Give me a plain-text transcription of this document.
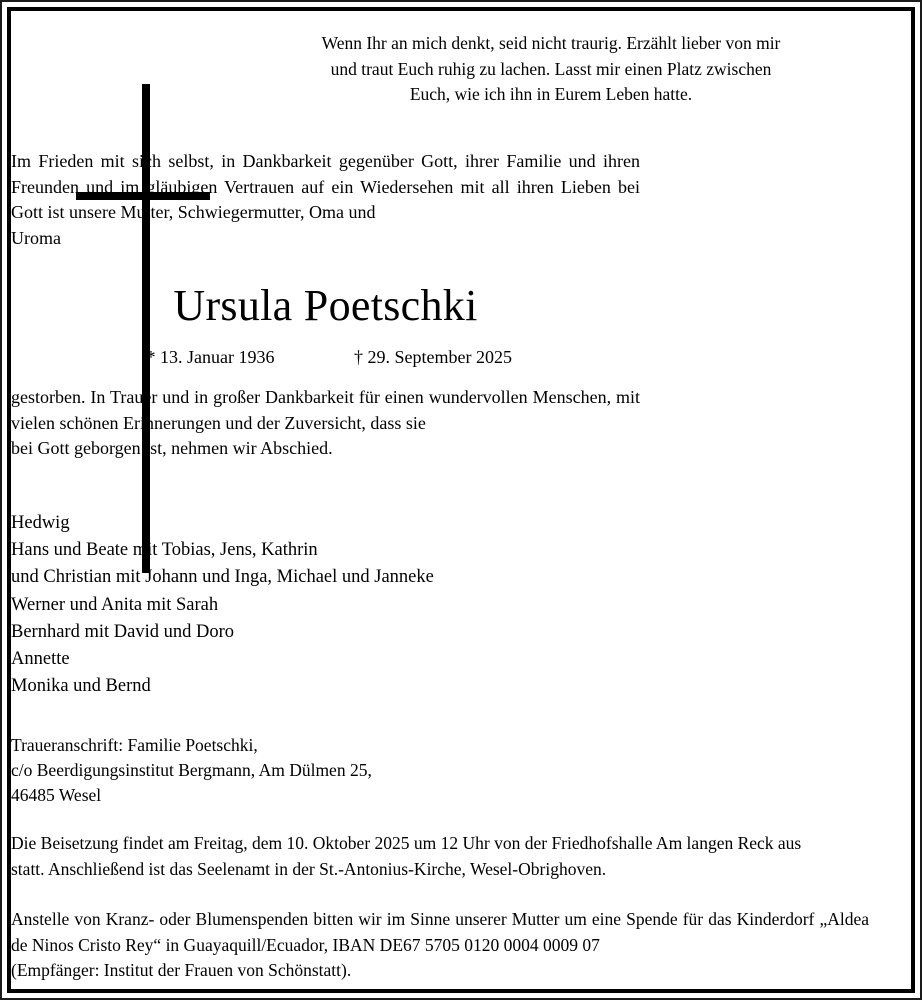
Wenn Ihr an mich denkt, seid nicht traurig. Erzählt lieber von mir
und traut Euch ruhig zu lachen. Lasst mir einen Platz zwischen
Euch, wie ich ihn in Eurem Leben hatte.
Im Frieden mit sich selbst, in Dankbarkeit gegenüber Gott, ihrer Familie und ihren Freunden und im gläubigen Vertrauen auf ein Wiedersehen mit all ihren Lieben bei Gott ist unsere Mutter, Schwiegermutter, Oma und
Uroma
Ursula Poetschki
* 13. Januar 1936	† 29. September 2025
gestorben. In Trauer und in großer Dankbarkeit für einen wundervollen Menschen, mit vielen schönen Erinnerungen und der Zuversicht, dass sie
bei Gott geborgen ist, nehmen wir Abschied.
Hedwig
Hans und Beate mit Tobias, Jens, Kathrin
und Christian mit Johann und Inga, Michael und Janneke
Werner und Anita mit Sarah
Bernhard mit David und Doro
Annette
Monika und Bernd
Traueranschrift: Familie Poetschki,
c/o Beerdigungsinstitut Bergmann, Am Dülmen 25,
46485 Wesel
Die Beisetzung findet am Freitag, dem 10. Oktober 2025 um 12 Uhr von der Friedhofshalle Am langen Reck aus
statt. Anschließend ist das Seelenamt in der St.-Antonius-Kirche, Wesel-Obrighoven.
Anstelle von Kranz- oder Blumenspenden bitten wir im Sinne unserer Mutter um eine Spende für das Kinderdorf „Aldea de Ninos Cristo Rey“ in Guayaquill/Ecuador, IBAN DE67 5705 0120 0004 0009 07
(Empfänger: Institut der Frauen von Schönstatt).
